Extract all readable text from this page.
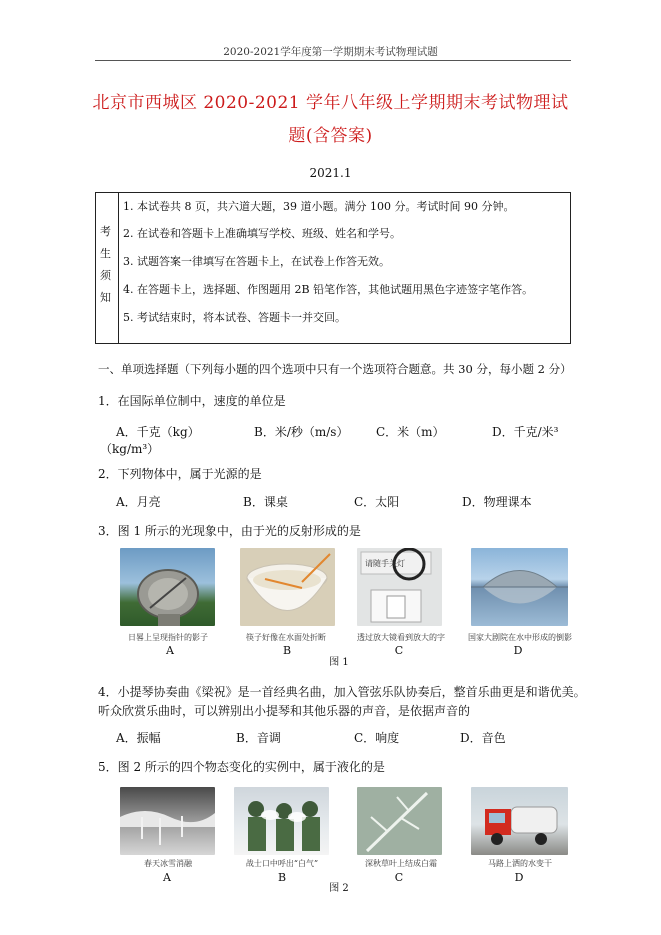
2020-2021学年度第一学期期末考试物理试题
北京市西城区 2020-2021 学年八年级上学期期末考试物理试
题(含答案)
2021.1
考
生
须
知
1. 本试卷共 8 页，共六道大题，39 道小题。满分 100 分。考试时间 90 分钟。
2. 在试卷和答题卡上准确填写学校、班级、姓名和学号。
3. 试题答案一律填写在答题卡上，在试卷上作答无效。
4. 在答题卡上，选择题、作图题用 2B 铅笔作答，其他试题用黑色字迹签字笔作答。
5. 考试结束时，将本试卷、答题卡一并交回。
一、单项选择题（下列每小题的四个选项中只有一个选项符合题意。共 30 分，每小题 2 分）
1．在国际单位制中，速度的单位是
A．千克（kg）	B．米/秒（m/s） C．米（m）	D．千克/米³
（kg/m³）
2．下列物体中，属于光源的是
A．月亮	B．课桌	C．太阳	D．物理课本
3．图 1 所示的光现象中，由于光的反射形成的是
请随手关灯
日晷上呈现指针的影子	筷子好像在水面处折断	透过放大镜看到放大的字	国家大剧院在水中形成的倒影
A	B	C	D
图 1
4．小提琴协奏曲《梁祝》是一首经典名曲，加入管弦乐队协奏后，整首乐曲更是和谐优美。
听众欣赏乐曲时，可以辨别出小提琴和其他乐器的声音，是依据声音的
A．振幅	B．音调	C．响度	D．音色
5．图 2 所示的四个物态变化的实例中，属于液化的是
春天冰雪消融	战士口中呼出“白气”	深秋草叶上结成白霜	马路上洒的水变干
A	B	C	D
图 2
